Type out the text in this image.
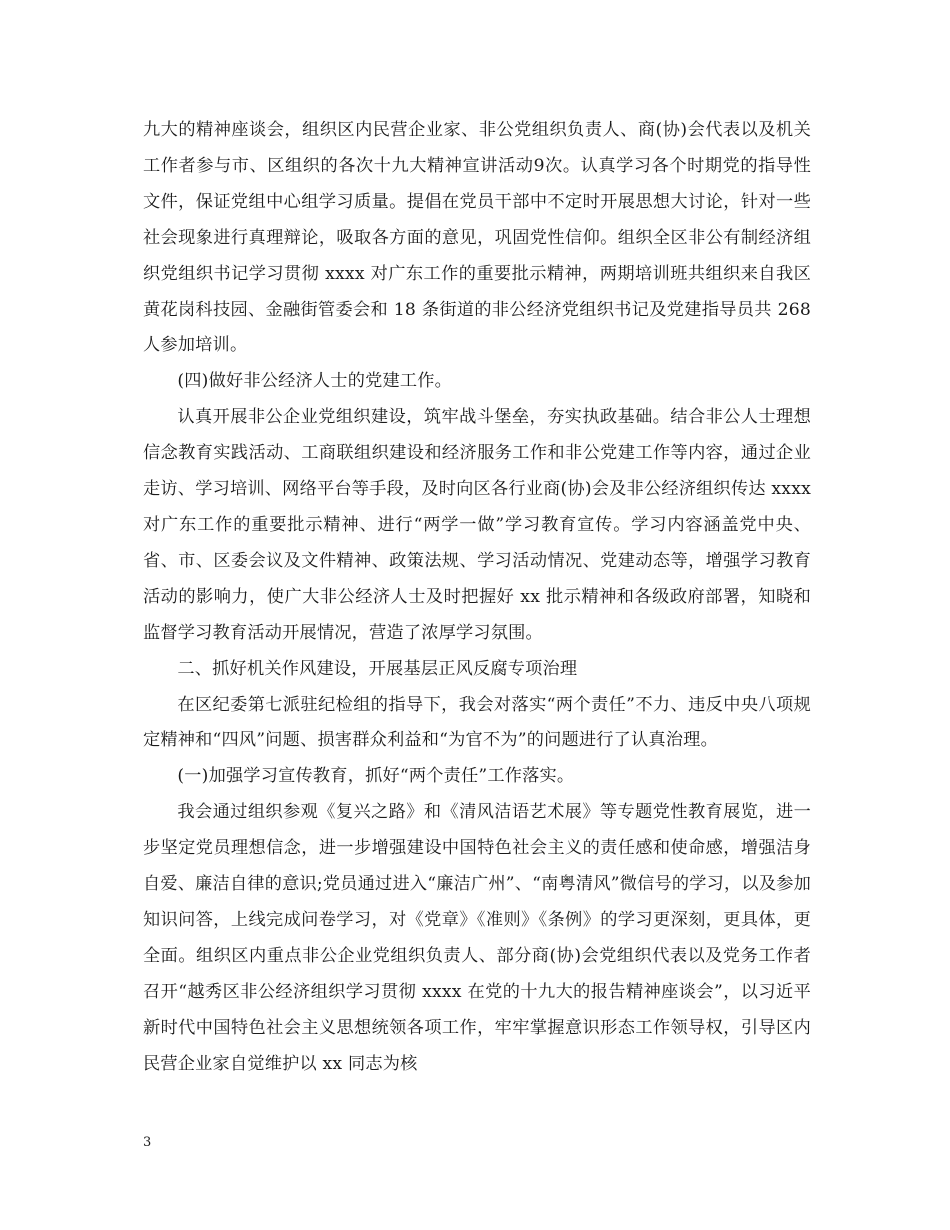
九大的精神座谈会，组织区内民营企业家、非公党组织负责人、商(协)会代表以及机关工作者参与市、区组织的各次十九大精神宣讲活动9次。认真学习各个时期党的指导性文件，保证党组中心组学习质量。提倡在党员干部中不定时开展思想大讨论，针对一些社会现象进行真理辩论，吸取各方面的意见，巩固党性信仰。组织全区非公有制经济组织党组织书记学习贯彻 xxxx 对广东工作的重要批示精神，两期培训班共组织来自我区黄花岗科技园、金融街管委会和 18 条街道的非公经济党组织书记及党建指导员共 268 人参加培训。

(四)做好非公经济人士的党建工作。

认真开展非公企业党组织建设，筑牢战斗堡垒，夯实执政基础。结合非公人士理想信念教育实践活动、工商联组织建设和经济服务工作和非公党建工作等内容，通过企业走访、学习培训、网络平台等手段，及时向区各行业商(协)会及非公经济组织传达 xxxx 对广东工作的重要批示精神、进行“两学一做”学习教育宣传。学习内容涵盖党中央、省、市、区委会议及文件精神、政策法规、学习活动情况、党建动态等，增强学习教育活动的影响力，使广大非公经济人士及时把握好 xx 批示精神和各级政府部署，知晓和监督学习教育活动开展情况，营造了浓厚学习氛围。

二、抓好机关作风建设，开展基层正风反腐专项治理

在区纪委第七派驻纪检组的指导下，我会对落实“两个责任”不力、违反中央八项规定精神和“四风”问题、损害群众利益和“为官不为”的问题进行了认真治理。

(一)加强学习宣传教育，抓好“两个责任”工作落实。

我会通过组织参观《复兴之路》和《清风洁语艺术展》等专题党性教育展览，进一步坚定党员理想信念，进一步增强建设中国特色社会主义的责任感和使命感，增强洁身自爱、廉洁自律的意识;党员通过进入“廉洁广州”、“南粤清风”微信号的学习，以及参加知识问答，上线完成问卷学习，对《党章》《准则》《条例》的学习更深刻，更具体，更全面。组织区内重点非公企业党组织负责人、部分商(协)会党组织代表以及党务工作者召开“越秀区非公经济组织学习贯彻 xxxx 在党的十九大的报告精神座谈会”，以习近平新时代中国特色社会主义思想统领各项工作，牢牢掌握意识形态工作领导权，引导区内民营企业家自觉维护以 xx 同志为核

3
